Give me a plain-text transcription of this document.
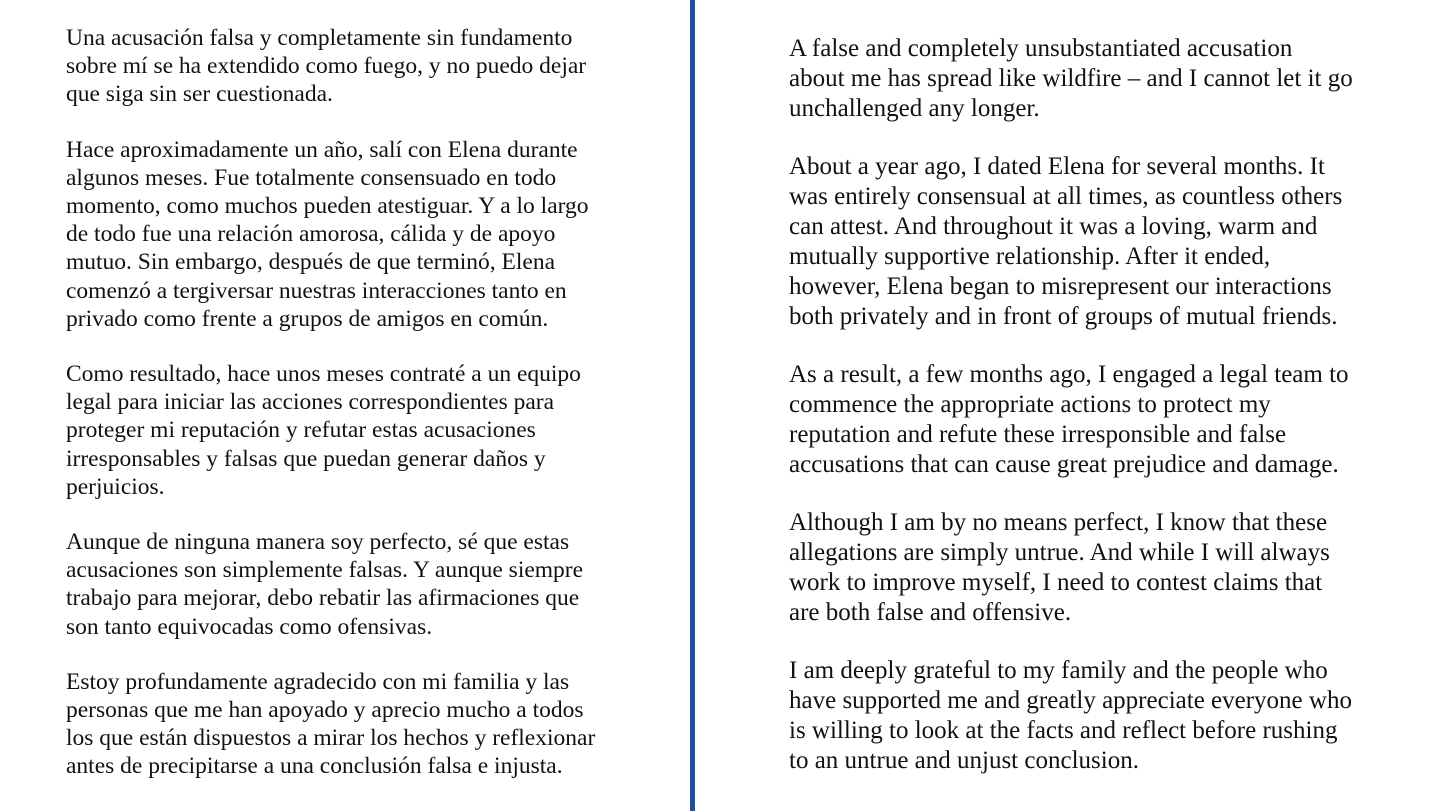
Una acusación falsa y completamente sin fundamento
sobre mí se ha extendido como fuego, y no puedo dejar
que siga sin ser cuestionada.

Hace aproximadamente un año, salí con Elena durante
algunos meses. Fue totalmente consensuado en todo
momento, como muchos pueden atestiguar. Y a lo largo
de todo fue una relación amorosa, cálida y de apoyo
mutuo. Sin embargo, después de que terminó, Elena
comenzó a tergiversar nuestras interacciones tanto en
privado como frente a grupos de amigos en común.

Como resultado, hace unos meses contraté a un equipo
legal para iniciar las acciones correspondientes para
proteger mi reputación y refutar estas acusaciones
irresponsables y falsas que puedan generar daños y
perjuicios.

Aunque de ninguna manera soy perfecto, sé que estas
acusaciones son simplemente falsas. Y aunque siempre
trabajo para mejorar, debo rebatir las afirmaciones que
son tanto equivocadas como ofensivas.

Estoy profundamente agradecido con mi familia y las
personas que me han apoyado y aprecio mucho a todos
los que están dispuestos a mirar los hechos y reflexionar
antes de precipitarse a una conclusión falsa e injusta.

A false and completely unsubstantiated accusation
about me has spread like wildfire – and I cannot let it go
unchallenged any longer.

About a year ago, I dated Elena for several months. It
was entirely consensual at all times, as countless others
can attest. And throughout it was a loving, warm and
mutually supportive relationship. After it ended,
however, Elena began to misrepresent our interactions
both privately and in front of groups of mutual friends.

As a result, a few months ago, I engaged a legal team to
commence the appropriate actions to protect my
reputation and refute these irresponsible and false
accusations that can cause great prejudice and damage.

Although I am by no means perfect, I know that these
allegations are simply untrue. And while I will always
work to improve myself, I need to contest claims that
are both false and offensive.

I am deeply grateful to my family and the people who
have supported me and greatly appreciate everyone who
is willing to look at the facts and reflect before rushing
to an untrue and unjust conclusion.
